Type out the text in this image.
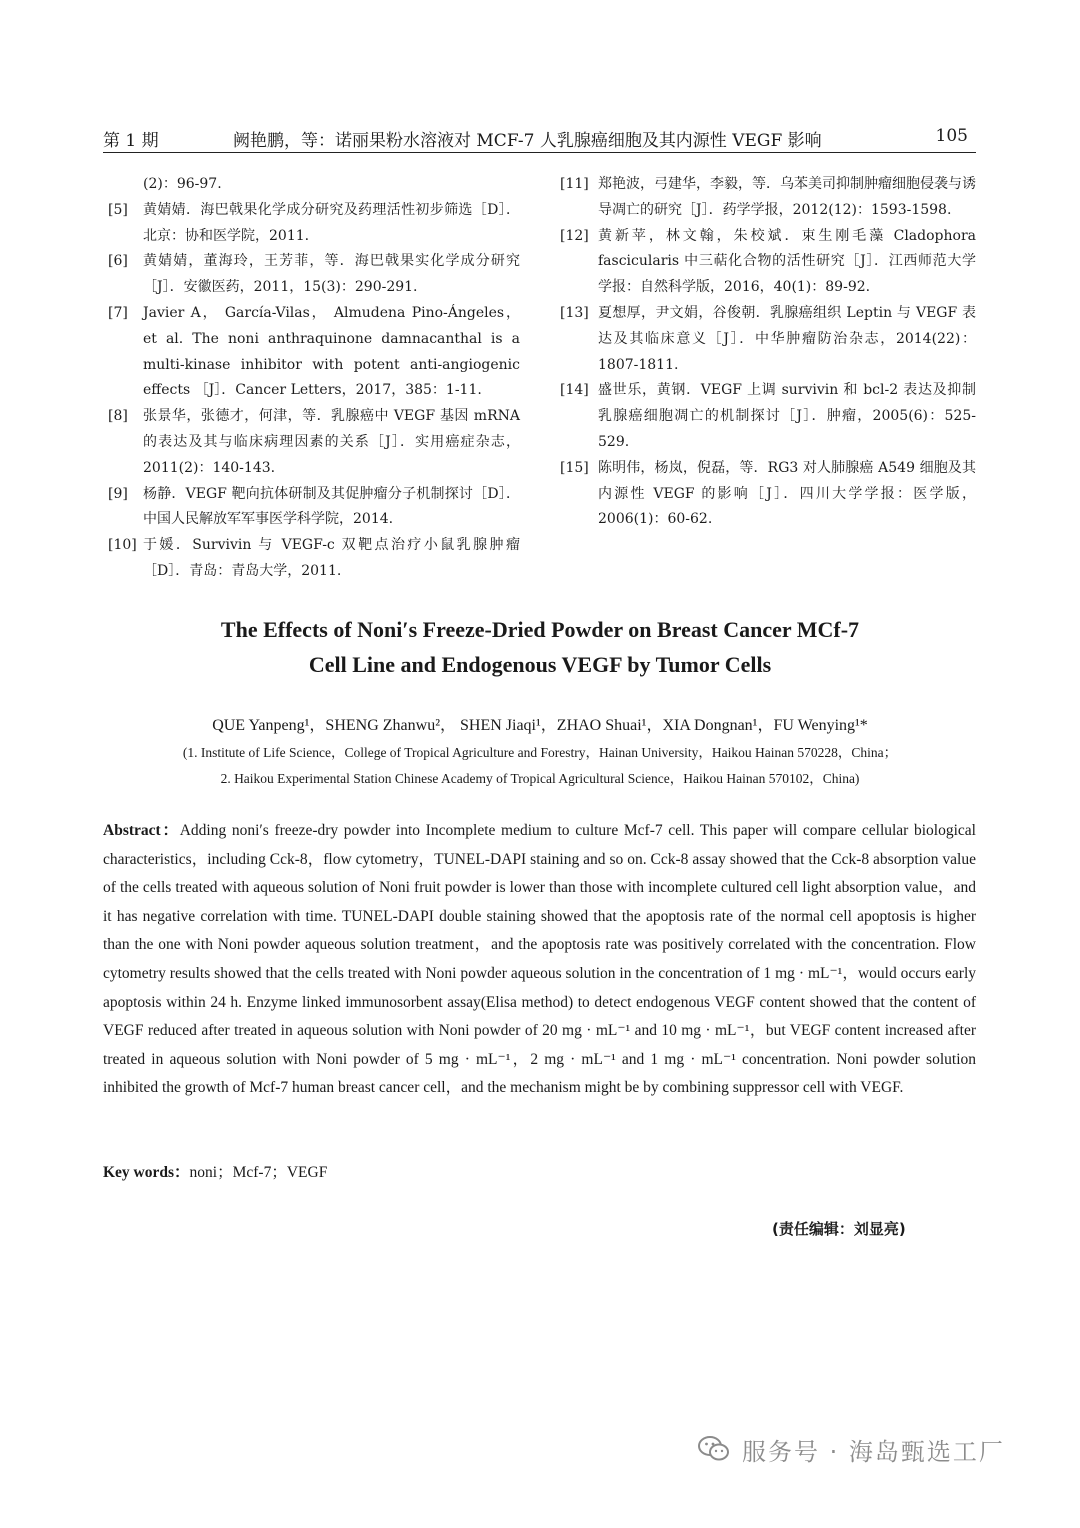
第 1 期	阙艳鹏，等：诺丽果粉水溶液对 MCF-7 人乳腺癌细胞及其内源性 VEGF 影响	105
(2)：96-97.
[5]	黄婧婧．海巴戟果化学成分研究及药理活性初步筛选［D］．北京：协和医学院，2011.
[6]	黄婧婧，董海玲，王芳菲，等．海巴戟果实化学成分研究［J］．安徽医药，2011，15(3)：290-291.
[7]	Javier A， García-Vilas， Almudena Pino-Ángeles， et al. The noni anthraquinone damnacanthal is a multi-kinase inhibitor with potent anti-angiogenic effects ［J］．Cancer Letters，2017，385：1-11.
[8]	张景华，张德才，何津，等．乳腺癌中 VEGF 基因 mRNA 的表达及其与临床病理因素的关系［J］．实用癌症杂志，2011(2)：140-143.
[9]	杨静．VEGF 靶向抗体研制及其促肿瘤分子机制探讨［D］．中国人民解放军军事医学科学院，2014.
[10] 于媛．Survivin 与 VEGF-c 双靶点治疗小鼠乳腺肿瘤［D］．青岛：青岛大学，2011.
[11] 郑艳波，弓建华，李毅，等．乌苯美司抑制肿瘤细胞侵袭与诱导凋亡的研究［J］．药学学报，2012(12)：1593-1598.
[12] 黄新苹，林文翰，朱校斌．束生刚毛藻 Cladophora fascicularis 中三萜化合物的活性研究［J］．江西师范大学学报：自然科学版，2016，40(1)：89-92.
[13] 夏想厚，尹文娟，谷俊朝．乳腺癌组织 Leptin 与 VEGF 表达及其临床意义［J］．中华肿瘤防治杂志，2014(22)：1807-1811.
[14] 盛世乐，黄钢．VEGF 上调 survivin 和 bcl-2 表达及抑制乳腺癌细胞凋亡的机制探讨［J］．肿瘤，2005(6)：525-529.
[15] 陈明伟，杨岚，倪磊，等．RG3 对人肺腺癌 A549 细胞及其内源性 VEGF 的影响［J］．四川大学学报：医学版，2006(1)：60-62.
The Effects of Noni′s Freeze-Dried Powder on Breast Cancer MCf-7
Cell Line and Endogenous VEGF by Tumor Cells
QUE Yanpeng¹，SHENG Zhanwu²， SHEN Jiaqi¹，ZHAO Shuai¹，XIA Dongnan¹，FU Wenying¹*
(1. Institute of Life Science，College of Tropical Agriculture and Forestry，Hainan University，Haikou Hainan 570228，China；
2. Haikou Experimental Station Chinese Academy of Tropical Agricultural Science，Haikou Hainan 570102，China)
Abstract：Adding noni′s freeze-dry powder into Incomplete medium to culture Mcf-7 cell. This paper will compare cellular biological characteristics，including Cck-8，flow cytometry，TUNEL-DAPI staining and so on. Cck-8 assay showed that the Cck-8 absorption value of the cells treated with aqueous solution of Noni fruit powder is lower than those with incomplete cultured cell light absorption value，and it has negative correlation with time. TUNEL-DAPI double staining showed that the apoptosis rate of the normal cell apoptosis is higher than the one with Noni powder aqueous solution treatment，and the apoptosis rate was positively correlated with the concentration. Flow cytometry results showed that the cells treated with Noni powder aqueous solution in the concentration of 1 mg · mL⁻¹，would occurs early apoptosis within 24 h. Enzyme linked immunosorbent assay(Elisa method) to detect endogenous VEGF content showed that the content of VEGF reduced after treated in aqueous solution with Noni powder of 20 mg · mL⁻¹ and 10 mg · mL⁻¹，but VEGF content increased after treated in aqueous solution with Noni powder of 5 mg · mL⁻¹，2 mg · mL⁻¹ and 1 mg · mL⁻¹ concentration. Noni powder solution inhibited the growth of Mcf-7 human breast cancer cell，and the mechanism might be by combining suppressor cell with VEGF.
Key words：noni；Mcf-7；VEGF
(责任编辑：刘显亮)
服务号 · 海岛甄选工厂
